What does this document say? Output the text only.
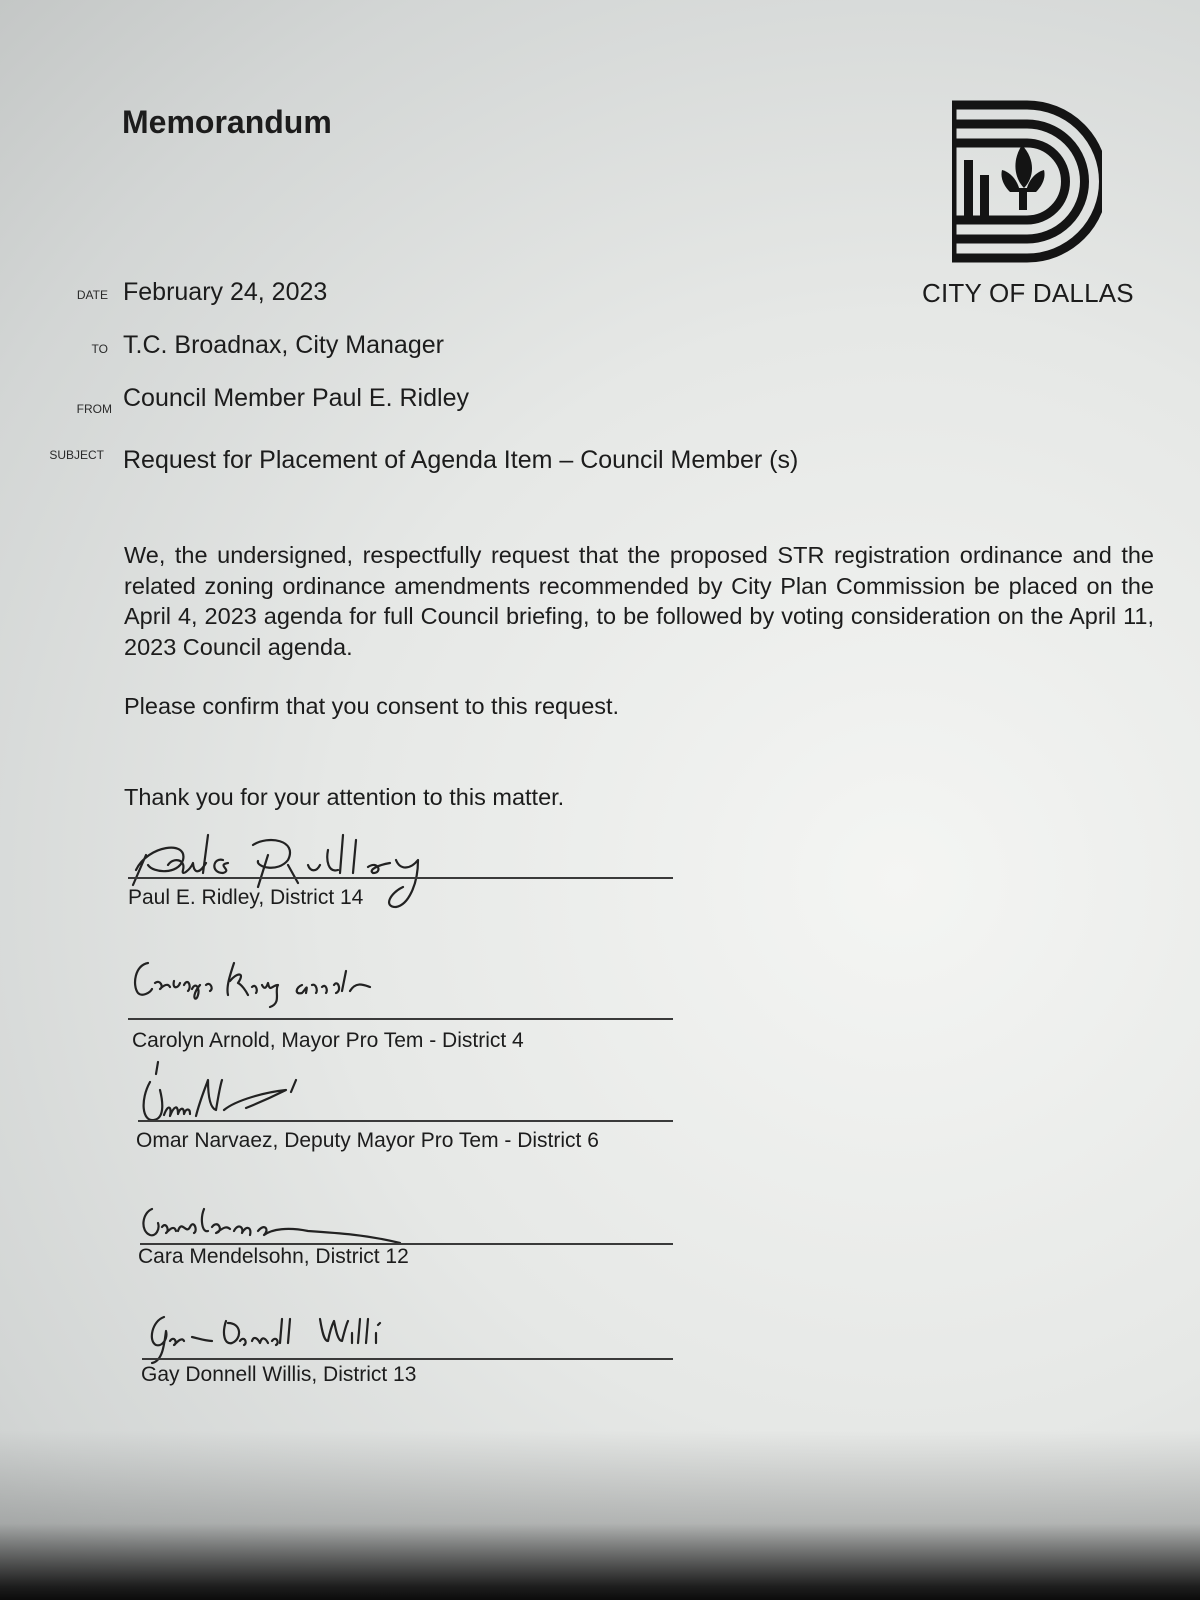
Memorandum
CITY OF DALLAS
DATE February 24, 2023
TO T.C. Broadnax, City Manager
FROM Council Member Paul E. Ridley
SUBJECT Request for Placement of Agenda Item – Council Member (s)
We, the undersigned, respectfully request that the proposed STR registration ordinance and the related zoning ordinance amendments recommended by City Plan Commission be placed on the April 4, 2023 agenda for full Council briefing, to be followed by voting consideration on the April 11, 2023 Council agenda.
Please confirm that you consent to this request.
Thank you for your attention to this matter.
Paul E. Ridley, District 14
Carolyn Arnold, Mayor Pro Tem - District 4
Omar Narvaez, Deputy Mayor Pro Tem - District 6
Cara Mendelsohn, District 12
Gay Donnell Willis, District 13
